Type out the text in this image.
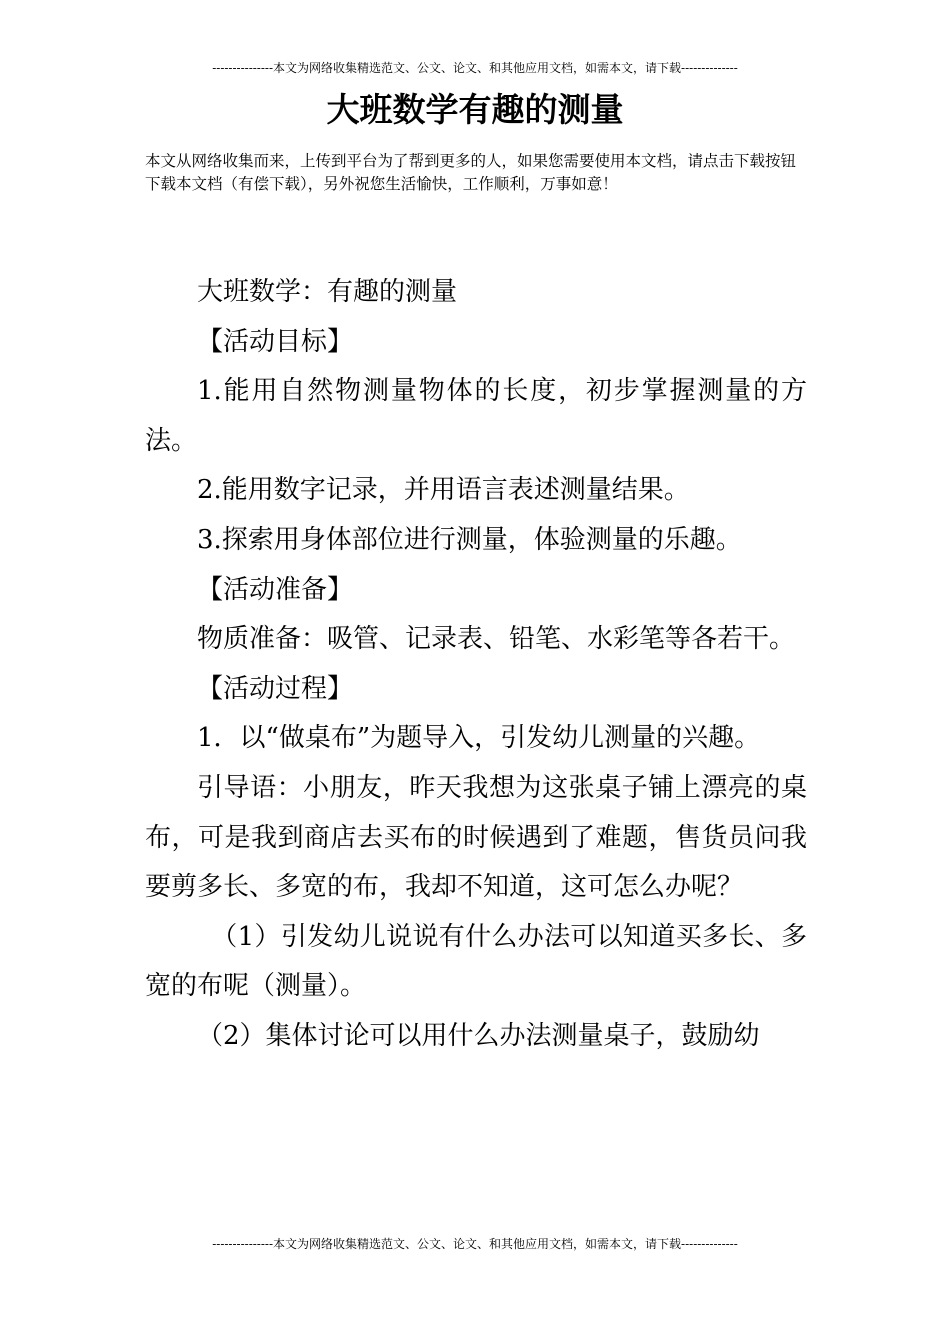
---------------本文为网络收集精选范文、公文、论文、和其他应用文档，如需本文，请下载--------------
大班数学有趣的测量
本文从网络收集而来，上传到平台为了帮到更多的人，如果您需要使用本文档，请点击下载按钮下载本文档（有偿下载），另外祝您生活愉快，工作顺利，万事如意！

大班数学：有趣的测量

【活动目标】

1.能用自然物测量物体的长度，初步掌握测量的方法。

2.能用数字记录，并用语言表述测量结果。

3.探索用身体部位进行测量，体验测量的乐趣。

【活动准备】

物质准备：吸管、记录表、铅笔、水彩笔等各若干。

【活动过程】

1．以“做桌布”为题导入，引发幼儿测量的兴趣。

引导语：小朋友，昨天我想为这张桌子铺上漂亮的桌布，可是我到商店去买布的时候遇到了难题，售货员问我要剪多长、多宽的布，我却不知道，这可怎么办呢？

（1）引发幼儿说说有什么办法可以知道买多长、多宽的布呢（测量）。

（2）集体讨论可以用什么办法测量桌子，鼓励幼

---------------本文为网络收集精选范文、公文、论文、和其他应用文档，如需本文，请下载--------------
